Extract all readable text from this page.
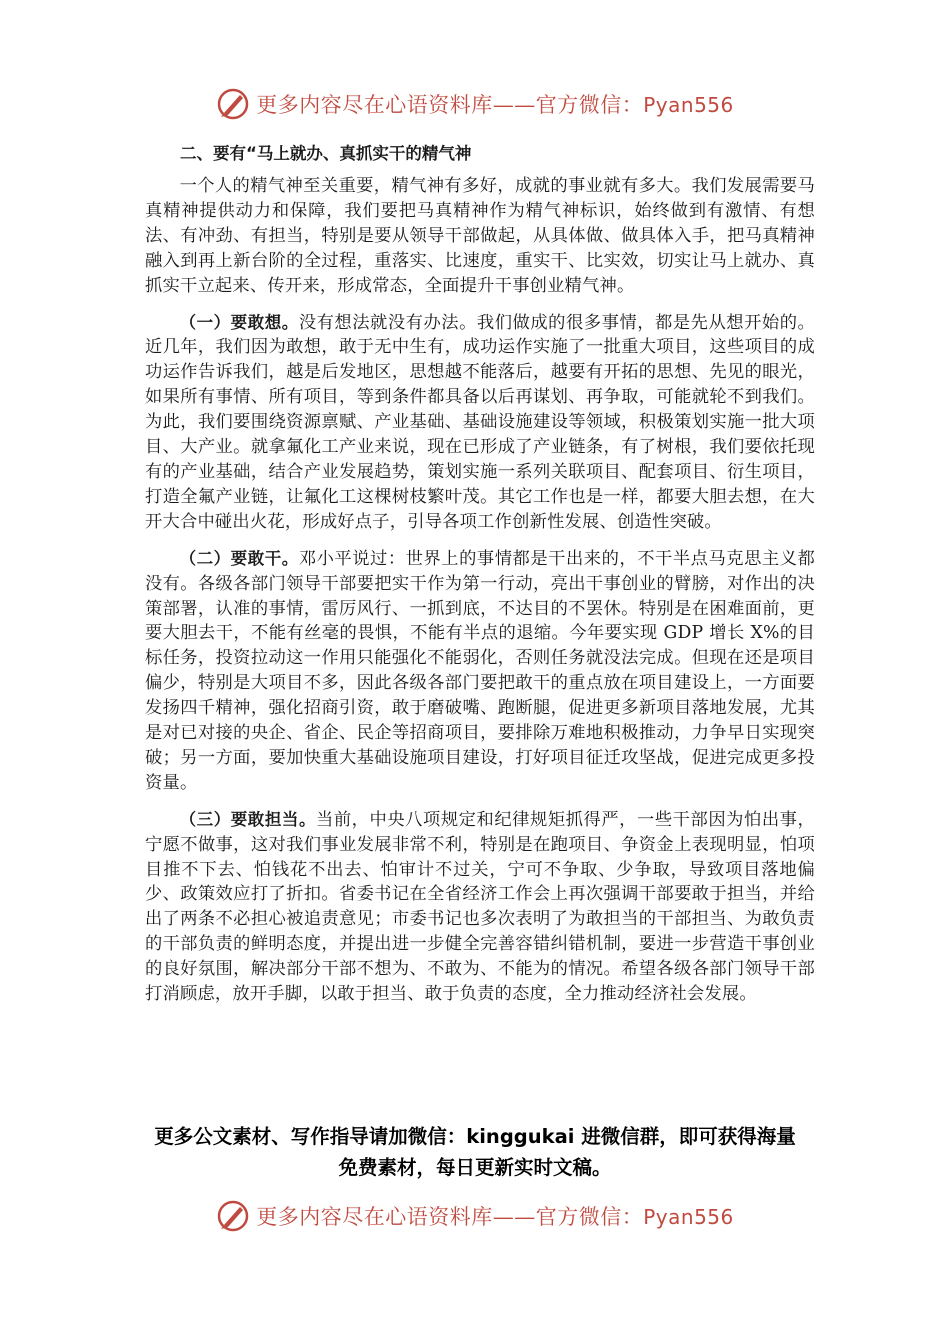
更多内容尽在心语资料库——官方微信：Pyan556
二、要有“马上就办、真抓实干的精气神

一个人的精气神至关重要，精气神有多好，成就的事业就有多大。我们发展需要马真精神提供动力和保障，我们要把马真精神作为精气神标识，始终做到有激情、有想法、有冲劲、有担当，特别是要从领导干部做起，从具体做、做具体入手，把马真精神融入到再上新台阶的全过程，重落实、比速度，重实干、比实效，切实让马上就办、真抓实干立起来、传开来，形成常态，全面提升干事创业精气神。

（一）要敢想。没有想法就没有办法。我们做成的很多事情，都是先从想开始的。近几年，我们因为敢想，敢于无中生有，成功运作实施了一批重大项目，这些项目的成功运作告诉我们，越是后发地区，思想越不能落后，越要有开拓的思想、先见的眼光，如果所有事情、所有项目，等到条件都具备以后再谋划、再争取，可能就轮不到我们。为此，我们要围绕资源禀赋、产业基础、基础设施建设等领域，积极策划实施一批大项目、大产业。就拿氟化工产业来说，现在已形成了产业链条，有了树根，我们要依托现有的产业基础，结合产业发展趋势，策划实施一系列关联项目、配套项目、衍生项目，打造全氟产业链，让氟化工这棵树枝繁叶茂。其它工作也是一样，都要大胆去想，在大开大合中碰出火花，形成好点子，引导各项工作创新性发展、创造性突破。

（二）要敢干。邓小平说过：世界上的事情都是干出来的，不干半点马克思主义都没有。各级各部门领导干部要把实干作为第一行动，亮出干事创业的臂膀，对作出的决策部署，认准的事情，雷厉风行、一抓到底，不达目的不罢休。特别是在困难面前，更要大胆去干，不能有丝毫的畏惧，不能有半点的退缩。今年要实现 GDP 增长 X%的目标任务，投资拉动这一作用只能强化不能弱化，否则任务就没法完成。但现在还是项目偏少，特别是大项目不多，因此各级各部门要把敢干的重点放在项目建设上，一方面要发扬四千精神，强化招商引资，敢于磨破嘴、跑断腿，促进更多新项目落地发展，尤其是对已对接的央企、省企、民企等招商项目，要排除万难地积极推动，力争早日实现突破；另一方面，要加快重大基础设施项目建设，打好项目征迁攻坚战，促进完成更多投资量。

（三）要敢担当。当前，中央八项规定和纪律规矩抓得严，一些干部因为怕出事，宁愿不做事，这对我们事业发展非常不利，特别是在跑项目、争资金上表现明显，怕项目推不下去、怕钱花不出去、怕审计不过关，宁可不争取、少争取，导致项目落地偏少、政策效应打了折扣。省委书记在全省经济工作会上再次强调干部要敢于担当，并给出了两条不必担心被追责意见；市委书记也多次表明了为敢担当的干部担当、为敢负责的干部负责的鲜明态度，并提出进一步健全完善容错纠错机制，要进一步营造干事创业的良好氛围，解决部分干部不想为、不敢为、不能为的情况。希望各级各部门领导干部打消顾虑，放开手脚，以敢于担当、敢于负责的态度，全力推动经济社会发展。

更多公文素材、写作指导请加微信：kinggukai 进微信群，即可获得海量免费素材，每日更新实时文稿。
更多内容尽在心语资料库——官方微信：Pyan556
